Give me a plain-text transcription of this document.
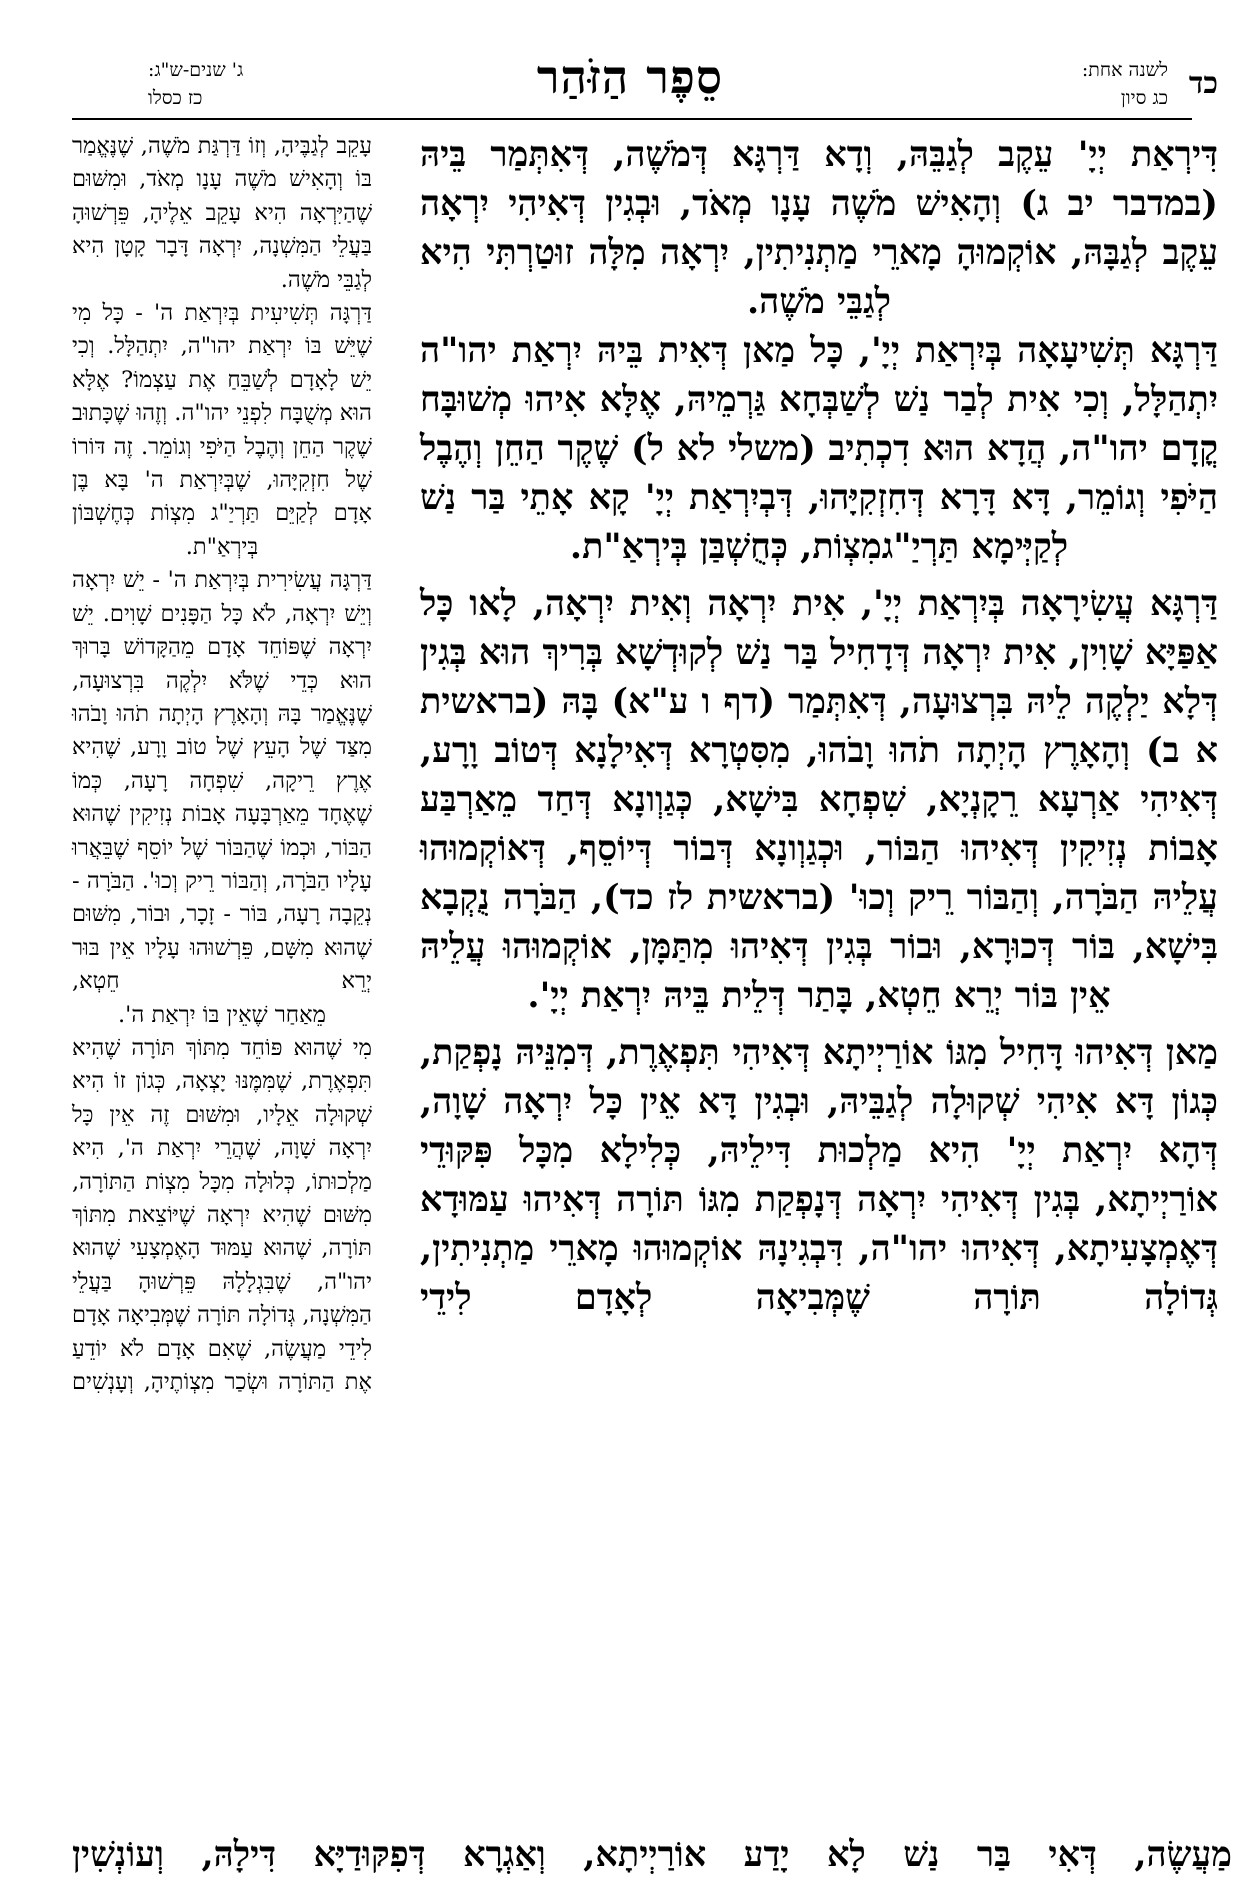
כד
לשנה אחת:
כג סיון
סֵפֶר הַזֹּהַר
ג' שנים-ש"ג:
כז כסלו

דִּירְאַת יְיָ' עֵקֶב לְגַבֵּהּ, וְדָא דַּרְגָּא דְּמֹשֶׁה, דְּאִתְּמַר בֵּיהּ (במדבר יב ג) וְהָאִישׁ מֹשֶׁה עָנָו מְאֹד, וּבְגִין דְּאִיהִי יִרְאָה עֵקֶב לְגַבָּהּ, אוֹקְמוּהָ מָארֵי מַתְנִיתִין, יִרְאָה מִלָּה זוּטַרְתִּי הִיא לְגַבֵּי מֹשֶׁה.

דַּרְגָּא תְּשִׁיעָאָה בְּיִרְאַת יְיָ', כָּל מַאן דְּאִית בֵּיהּ יִרְאַת יהו"ה יִתְהַלָּל, וְכִי אִית לְבַר נַשׁ לְשַׁבְּחָא גַּרְמֵיהּ, אֶלָּא אִיהוּ מְשׁוּבָּח קֳדָם יהו"ה, הֲדָא הוּא דִכְתִיב (משלי לא ל) שֶׁקֶר הַחֵן וְהֶבֶל הַיֹּפִי וְגוֹמֵר, דָּא דָּרָא דְּחִזְקִיָּהוּ, דְּבְיִרְאַת יְיָ' קָא אָתֵי בַּר נַשׁ לְקַיְּימָא תַּרְיַ"גמִצְוֹת, כְּחֻשְׁבַּן בְּירְאַ"ת.

דַּרְגָּא עֲשִׂירָאָה בְּיִרְאַת יְיָ', אִית יִרְאָה וְאִית יִרְאָה, לָאו כָּל אַפַּיָּא שָׁוִין, אִית יִרְאָה דְּדָחִיל בַּר נַשׁ לְקוּדְשָׁא בְּרִיךְ הוּא בְּגִין דְּלָא יַלְקֶה לֵיהּ בִּרְצוּעָה, דְּאִתְּמַר (דף ו ע"א) בָּהּ (בראשית א ב) וְהָאָרֶץ הָיְתָה תֹהוּ וָבֹהוּ, מִסִּטְרָא דְּאִילָנָא דְּטוֹב וָרָע, דְּאִיהִי אַרְעָא רֵקָנְיָא, שִׁפְחָא בִּישָׁא, כְּגַוְונָא דְּחַד מֵאַרְבַּע אָבוֹת נְזִיקִין דְּאִיהוּ הַבּוֹר, וּכְגַוְונָא דְּבוֹר דְּיוֹסֵף, דְּאוֹקְמוּהוּ עֲלֵיהּ הַבֹּרָה, וְהַבּוֹר רֵיק וְכוּ' (בראשית לז כד), הַבֹּרָה נֻקְבָא בִּישָׁא, בּוֹר דְּכוּרָא, וּבוֹר בְּגִין דְּאִיהוּ מִתַּמָּן, אוֹקְמוּהוּ עֲלֵיהּ אֵין בּוֹר יְרֵא חֵטְא, בָּתַר דְּלֵית בֵּיהּ יִרְאַת יְיָ'.

מַאן דְּאִיהוּ דָּחִיל מִגּוֹ אוֹרַיְיתָא דְּאִיהִי תִּפְאֶרֶת, דְּמִנֵּיהּ נָפְקַת, כְּגוֹן דָּא אִיהִי שְׁקוּלָה לְגַבֵּיהּ, וּבְגִין דָּא אֵין כָּל יִרְאָה שָׁוָה, דְּהָא יִרְאַת יְיָ' הִיא מַלְכוּת דִּילֵיהּ, כְּלִילָא מִכָּל פִּקּוּדֵי אוֹרַיְיתָא, בְּגִין דְּאִיהִי יִרְאָה דְּנָפְקַת מִגּוֹ תּוֹרָה דְּאִיהוּ עַמּוּדָא דְּאֶמְצָעִיתָא, דְּאִיהוּ יהו"ה, דִּבְגִינָהּ אוֹקְמוּהוּ מָארֵי מַתְנִיתִין, גְּדוֹלָה תּוֹרָה שֶׁמְּבִיאָה לְאָדָם לִידֵי

עָקֵב לְגַבֶּיהָ, וְזוֹ דַּרְגַּת מֹשֶׁה, שֶׁנֶּאֱמַר בּוֹ וְהָאִישׁ מֹשֶׁה עָנָו מְאֹד, וּמִשּׁוּם שֶׁהַיִּרְאָה הִיא עָקֵב אֵלֶיהָ, פֵּרְשׁוּהָ בַּעֲלֵי הַמִּשְׁנָה, יִרְאָה דָּבָר קָטָן הִיא לְגַבֵּי מֹשֶׁה.

דַּרְגָּה תְּשִׁיעִית בְּיִרְאַת ה' - כָּל מִי שֶׁיֵּשׁ בּוֹ יִרְאַת יהו"ה, יִתְהַלָּל. וְכִי יֵשׁ לָאָדָם לְשַׁבֵּחַ אֶת עַצְמוֹ? אֶלָּא הוּא מְשֻׁבָּח לִפְנֵי יהו"ה. וְזֶהוּ שֶׁכָּתוּב שֶׁקֶר הַחֵן וְהֶבֶל הַיֹּפִי וְגוֹמֵר. זֶה דּוֹרוֹ שֶׁל חִזְקִיָּהוּ, שֶׁבְּיִרְאַת ה' בָּא בֶּן אָדָם לְקַיֵּם תַּרְיַ"ג מִצְוֹת כְּחֶשְׁבּוֹן בְּירְאַ"ת.

דַּרְגָּה עֲשִׂירִית בְּיִרְאַת ה' - יֵשׁ יִרְאָה וְיֵשׁ יִרְאָה, לֹא כָּל הַפָּנִים שָׁוִים. יֵשׁ יִרְאָה שֶׁפּוֹחֵד אָדָם מֵהַקָּדוֹשׁ בָּרוּךְ הוּא כְּדֵי שֶׁלֹּא יִלְקֶה בִּרְצוּעָה, שֶׁנֶּאֱמַר בָּהּ וְהָאָרֶץ הָיְתָה תֹהוּ וָבֹהוּ מִצַּד שֶׁל הָעֵץ שֶׁל טוֹב וָרָע, שֶׁהִיא אֶרֶץ רֵיקָה, שִׁפְחָה רָעָה, כְּמוֹ שֶׁאֶחָד מֵאַרְבָּעָה אָבוֹת נְזִיקִין שֶׁהוּא הַבּוֹר, וּכְמוֹ שֶׁהַבּוֹר שֶׁל יוֹסֵף שֶׁבֵּאֲרוּ עָלָיו הַבֹּרָה, וְהַבּוֹר רֵיק וְכוּ'. הַבֹּרָה - נְקֵבָה רָעָה, בּוֹר - זָכָר, וּבוֹר, מִשּׁוּם שֶׁהוּא מִשָּׁם, פֵּרְשׁוּהוּ עָלָיו אֵין בּוּר יְרֵא חֵטְא,

מֵאַחַר שֶׁאֵין בּוֹ יִרְאַת ה'.

מִי שֶׁהוּא פּוֹחֵד מִתּוֹךְ תּוֹרָה שֶׁהִיא תִּפְאֶרֶת, שֶׁמִּמֶּנּוּ יָצְאָה, כְּגוֹן זוֹ הִיא שְׁקוּלָה אֵלָיו, וּמִשּׁוּם זֶה אֵין כָּל יִרְאָה שָׁוָה, שֶׁהֲרֵי יִרְאַת ה', הִיא מַלְכוּתוֹ, כְּלוּלָה מִכָּל מִצְוֹת הַתּוֹרָה, מִשּׁוּם שֶׁהִיא יִרְאָה שֶׁיּוֹצֵאת מִתּוֹךְ תּוֹרָה, שֶׁהוּא עַמּוּד הָאֶמְצָעִי שֶׁהוּא יהו"ה, שֶׁבִּגְלָלָהּ פֵּרְשׁוּהָ בַּעֲלֵי הַמִּשְׁנָה, גְּדוֹלָה תּוֹרָה שֶׁמְּבִיאָה אָדָם לִידֵי מַעֲשֶׂה, שֶׁאִם אָדָם לֹא יוֹדֵעַ אֶת הַתּוֹרָה וּשְׂכַר מִצְוֹתֶיהָ, וְעָנְשִׁים

מַעֲשֶׂה, דְּאִי בַּר נַשׁ לָא יָדַע אוֹרַיְיתָא, וְאַגְרָא דְּפִקּוּדַיָּא דִּילָהּ, וְעוֹנְשִׁין
